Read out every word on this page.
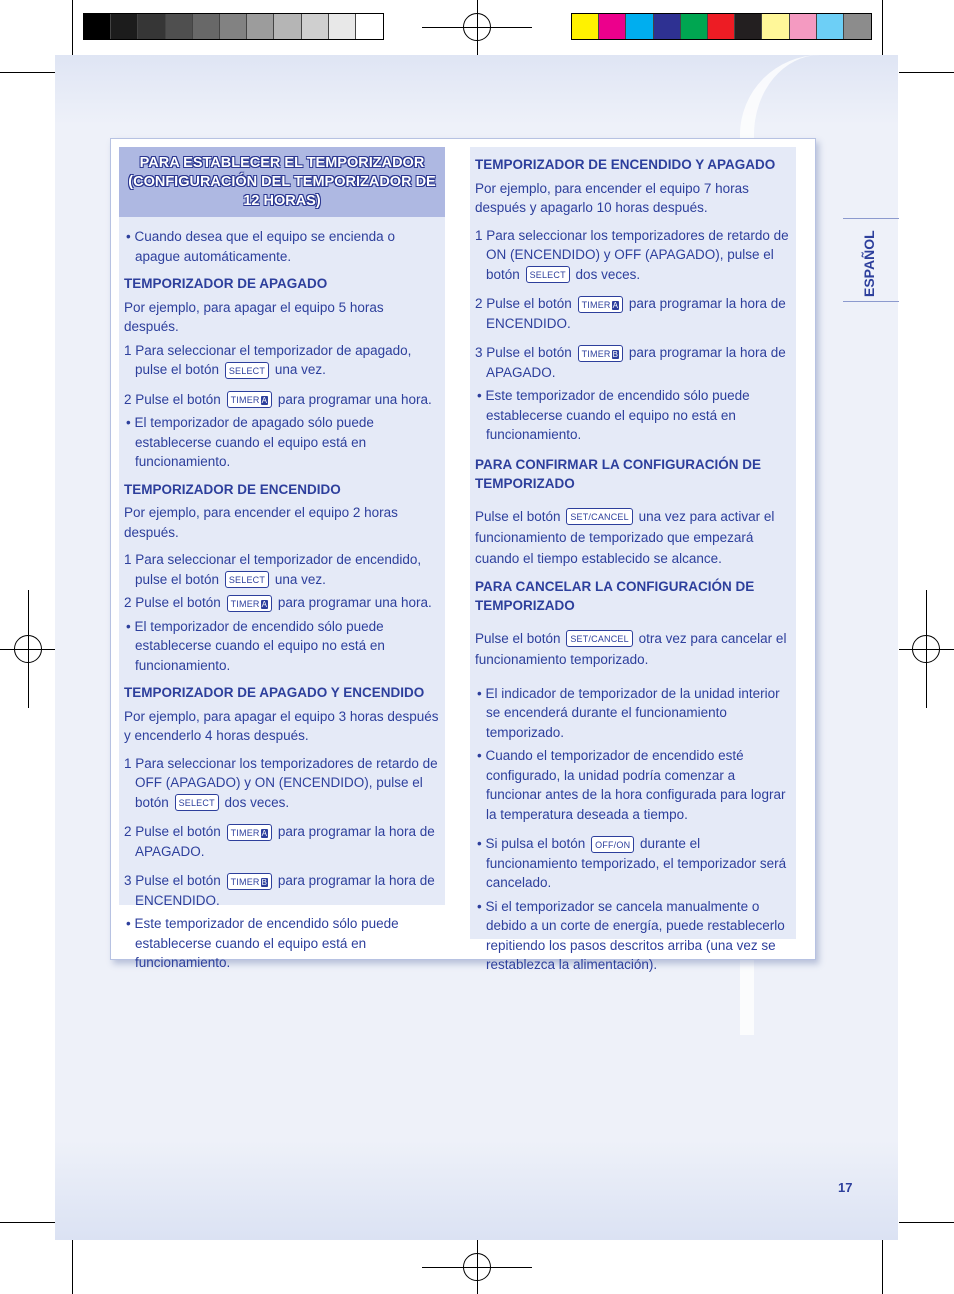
PARA ESTABLECER EL TEMPORIZADOR (CONFIGURACIÓN DEL TEMPORIZADOR DE 12 HORAS)

• Cuando desea que el equipo se encienda o apague automáticamente.

TEMPORIZADOR DE APAGADO

Por ejemplo, para apagar el equipo 5 horas después.

1 Para seleccionar el temporizador de apagado, pulse el botón SELECT una vez.

2 Pulse el botón TIMER A para programar una hora.

• El temporizador de apagado sólo puede establecerse cuando el equipo está en funcionamiento.

TEMPORIZADOR DE ENCENDIDO

Por ejemplo, para encender el equipo 2 horas después.

1 Para seleccionar el temporizador de encendido, pulse el botón SELECT una vez.

2 Pulse el botón TIMER A para programar una hora.

• El temporizador de encendido sólo puede establecerse cuando el equipo no está en funcionamiento.

TEMPORIZADOR DE APAGADO Y ENCENDIDO

Por ejemplo, para apagar el equipo 3 horas después y encenderlo 4 horas después.

1 Para seleccionar los temporizadores de retardo de OFF (APAGADO) y ON (ENCENDIDO), pulse el botón SELECT dos veces.

2 Pulse el botón TIMER A para programar la hora de APAGADO.

3 Pulse el botón TIMER B para programar la hora de ENCENDIDO.

• Este temporizador de encendido sólo puede establecerse cuando el equipo está en funcionamiento.

TEMPORIZADOR DE ENCENDIDO Y APAGADO

Por ejemplo, para encender el equipo 7 horas después y apagarlo 10 horas después.

1 Para seleccionar los temporizadores de retardo de ON (ENCENDIDO) y OFF (APAGADO), pulse el botón SELECT dos veces.

2 Pulse el botón TIMER A para programar la hora de ENCENDIDO.

3 Pulse el botón TIMER B para programar la hora de APAGADO.

• Este temporizador de encendido sólo puede establecerse cuando el equipo no está en funcionamiento.

PARA CONFIRMAR LA CONFIGURACIÓN DE TEMPORIZADO

Pulse el botón SET/CANCEL una vez para activar el funcionamiento de temporizado que empezará cuando el tiempo establecido se alcance.

PARA CANCELAR LA CONFIGURACIÓN DE TEMPORIZADO

Pulse el botón SET/CANCEL otra vez para cancelar el funcionamiento temporizado.

• El indicador de temporizador de la unidad interior se encenderá durante el funcionamiento temporizado.

• Cuando el temporizador de encendido esté configurado, la unidad podría comenzar a funcionar antes de la hora configurada para lograr la temperatura deseada a tiempo.

• Si pulsa el botón OFF/ON durante el funcionamiento temporizado, el temporizador será cancelado.

• Si el temporizador se cancela manualmente o debido a un corte de energía, puede restablecerlo repitiendo los pasos descritos arriba (una vez se restablezca la alimentación).

ESPAÑOL
17
